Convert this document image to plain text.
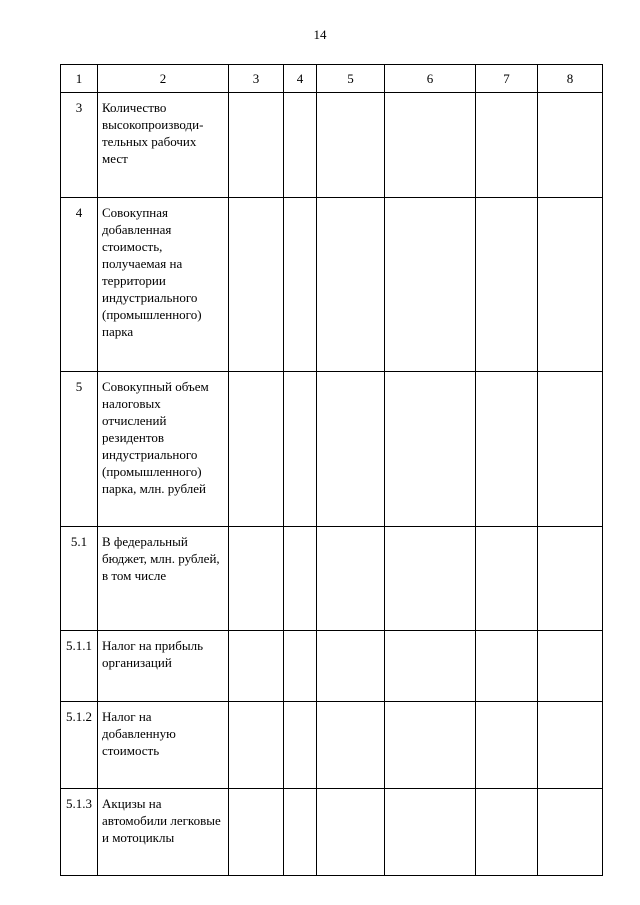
14
1	2	3	4	5	6	7	8
3	Количество высокопроизводи-тельных рабочих мест						
4	Совокупная добавленная стоимость, получаемая на территории индустриального (промышленного) парка						
5	Совокупный объем налоговых отчислений резидентов индустриального (промышленного) парка, млн. рублей						
5.1	В федеральный бюджет, млн. рублей, в том числе						
5.1.1	Налог на прибыль организаций						
5.1.2	Налог на добавленную стоимость						
5.1.3	Акцизы на автомобили легковые и мотоциклы						
